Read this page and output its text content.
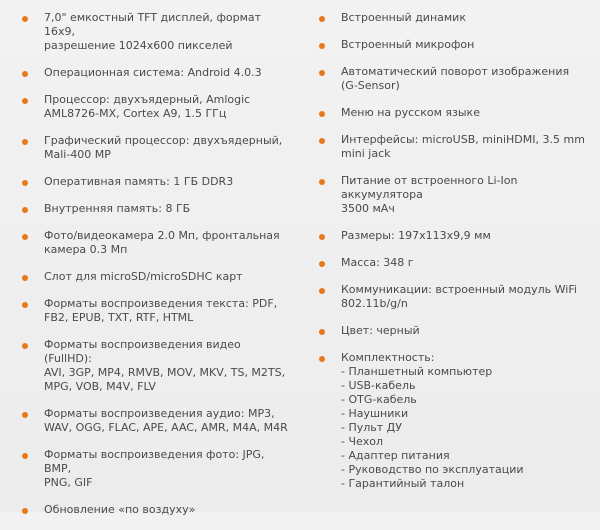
7,0" емкостный TFT дисплей, формат 16х9,
разрешение 1024х600 пикселей
Операционная система: Android 4.0.3
Процессор: двухъядерный, Amlogic
AML8726-MX, Cortex A9, 1.5 ГГц
Графический процессор: двухъядерный,
Mali-400 MP
Оперативная память: 1 ГБ DDR3
Внутренняя память: 8 ГБ
Фото/видеокамера 2.0 Мп, фронтальная
камера 0.3 Мп
Слот для microSD/microSDHC карт
Форматы воспроизведения текста: PDF,
FB2, EPUB, TXT, RTF, HTML
Форматы воспроизведения видео (FullHD):
AVI, 3GP, MP4, RMVB, MOV, MKV, TS, M2TS,
MPG, VOB, M4V, FLV
Форматы воспроизведения аудио: MP3,
WAV, OGG, FLAC, APE, AAC, AMR, M4A, M4R
Форматы воспроизведения фото: JPG, BMP,
PNG, GIF
Обновление «по воздуху»
Встроенный динамик
Встроенный микрофон
Автоматический поворот изображения
(G-Sensor)
Меню на русском языке
Интерфейсы: microUSB, miniHDMI, 3.5 mm
mini jack
Питание от встроенного Li-Ion аккумулятора
3500 мАч
Размеры: 197х113х9,9 мм
Масса: 348 г
Коммуникации: встроенный модуль WiFi
802.11b/g/n
Цвет: черный
Комплектность:
- Планшетный компьютер
- USB-кабель
- OTG-кабель
- Наушники
- Пульт ДУ
- Чехол
- Адаптер питания
- Руководство по эксплуатации
- Гарантийный талон
